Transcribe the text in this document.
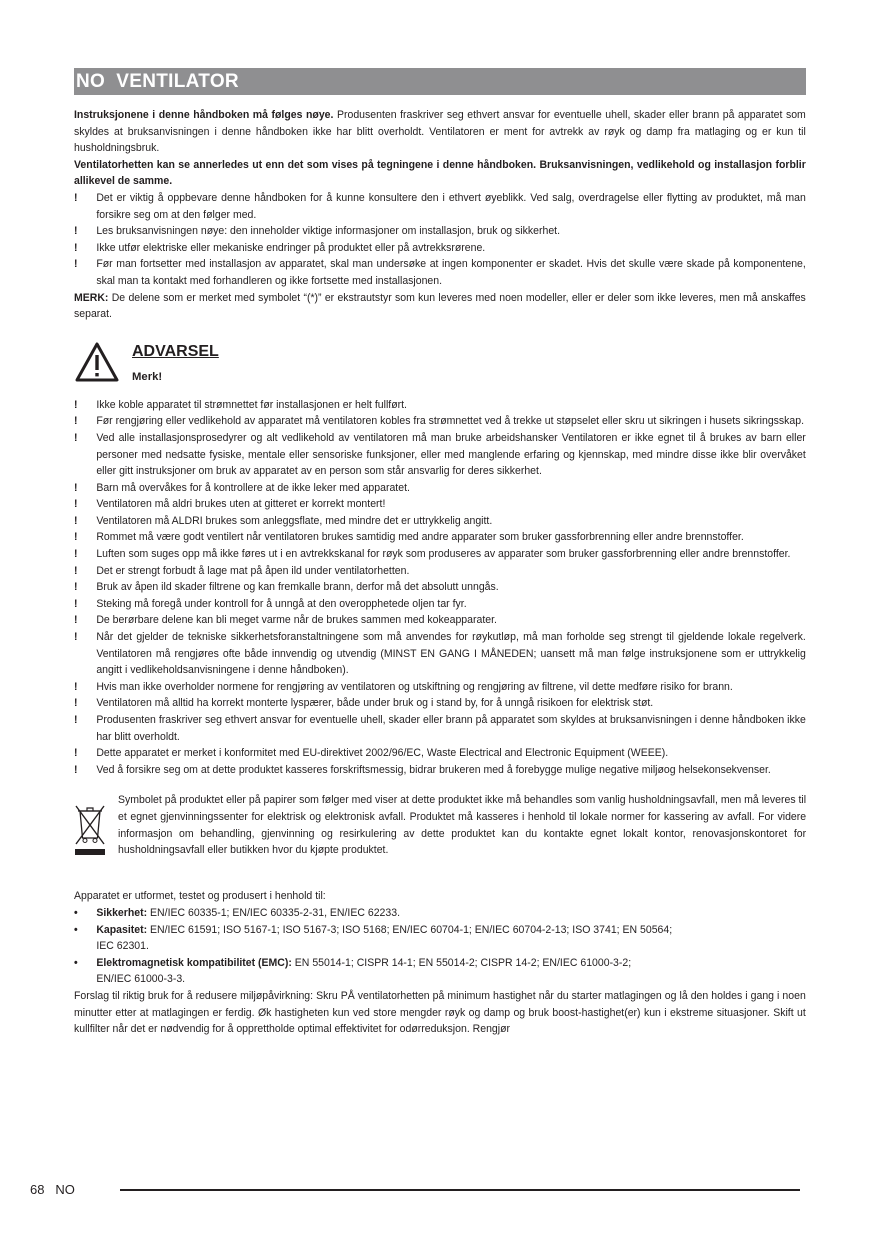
NO VENTILATOR

Instruksjonene i denne håndboken må følges nøye. Produsenten fraskriver seg ethvert ansvar for eventuelle uhell, skader eller brann på apparatet som skyldes at bruksanvisningen i denne håndboken ikke har blitt overholdt. Ventilatoren er ment for avtrekk av røyk og damp fra matlaging og er kun til husholdningsbruk.

Ventilatorhetten kan se annerledes ut enn det som vises på tegningene i denne håndboken. Bruksanvisningen, vedlikehold og installasjon forblir allikevel de samme.

! Det er viktig å oppbevare denne håndboken for å kunne konsultere den i ethvert øyeblikk. Ved salg, overdragelse eller flytting av produktet, må man forsikre seg om at den følger med.
! Les bruksanvisningen nøye: den inneholder viktige informasjoner om installasjon, bruk og sikkerhet.
! Ikke utfør elektriske eller mekaniske endringer på produktet eller på avtrekksrørene.
! Før man fortsetter med installasjon av apparatet, skal man undersøke at ingen komponenter er skadet. Hvis det skulle være skade på komponentene, skal man ta kontakt med forhandleren og ikke fortsette med installasjonen.

MERK: De delene som er merket med symbolet “(*)” er ekstrautstyr som kun leveres med noen modeller, eller er deler som ikke leveres, men må anskaffes separat.

ADVARSEL
Merk!
! Ikke koble apparatet til strømnettet før installasjonen er helt fullført.
! Før rengjøring eller vedlikehold av apparatet må ventilatoren kobles fra strømnettet ved å trekke ut støpselet eller skru ut sikringen i husets sikringsskap.
! Ved alle installasjonsprosedyrer og alt vedlikehold av ventilatoren må man bruke arbeidshansker Ventilatoren er ikke egnet til å brukes av barn eller personer med nedsatte fysiske, mentale eller sensoriske funksjoner, eller med manglende erfaring og kjennskap, med mindre disse ikke blir overvåket eller gitt instruksjoner om bruk av apparatet av en person som står ansvarlig for deres sikkerhet.
! Barn må overvåkes for å kontrollere at de ikke leker med apparatet.
! Ventilatoren må aldri brukes uten at gitteret er korrekt montert!
! Ventilatoren må ALDRI brukes som anleggsflate, med mindre det er uttrykkelig angitt.
! Rommet må være godt ventilert når ventilatoren brukes samtidig med andre apparater som bruker gassforbrenning eller andre brennstoffer.
! Luften som suges opp må ikke føres ut i en avtrekkskanal for røyk som produseres av apparater som bruker gassforbrenning eller andre brennstoffer.
! Det er strengt forbudt å lage mat på åpen ild under ventilatorhetten.
! Bruk av åpen ild skader filtrene og kan fremkalle brann, derfor må det absolutt unngås.
! Steking må foregå under kontroll for å unngå at den overopphetede oljen tar fyr.
! De berørbare delene kan bli meget varme når de brukes sammen med kokeapparater.
! Når det gjelder de tekniske sikkerhetsforanstaltningene som må anvendes for røykutløp, må man forholde seg strengt til gjeldende lokale regelverk. Ventilatoren må rengjøres ofte både innvendig og utvendig (MINST EN GANG I MÅNEDEN; uansett må man følge instruksjonene som er uttrykkelig angitt i vedlikeholdsanvisningene i denne håndboken).
! Hvis man ikke overholder normene for rengjøring av ventilatoren og utskiftning og rengjøring av filtrene, vil dette medføre risiko for brann.
! Ventilatoren må alltid ha korrekt monterte lyspærer, både under bruk og i stand by, for å unngå risikoen for elektrisk støt.
! Produsenten fraskriver seg ethvert ansvar for eventuelle uhell, skader eller brann på apparatet som skyldes at bruksanvisningen i denne håndboken ikke har blitt overholdt.
! Dette apparatet er merket i konformitet med EU-direktivet 2002/96/EC, Waste Electrical and Electronic Equipment (WEEE).
! Ved å forsikre seg om at dette produktet kasseres forskriftsmessig, bidrar brukeren med å forebygge mulige negative miljøog helsekonsekvenser.

Symbolet på produktet eller på papirer som følger med viser at dette produktet ikke må behandles som vanlig husholdningsavfall, men må leveres til et egnet gjenvinningssenter for elektrisk og elektronisk avfall. Produktet må kasseres i henhold til lokale normer for kassering av avfall. For videre informasjon om behandling, gjenvinning og resirkulering av dette produktet kan du kontakte egnet lokalt kontor, renovasjonskontoret for husholdningsavfall eller butikken hvor du kjøpte produktet.

Apparatet er utformet, testet og produsert i henhold til:

• Sikkerhet: EN/IEC 60335-1; EN/IEC 60335-2-31, EN/IEC 62233.
• Kapasitet: EN/IEC 61591; ISO 5167-1; ISO 5167-3; ISO 5168; EN/IEC 60704-1; EN/IEC 60704-2-13; ISO 3741; EN 50564;
IEC 62301.
• Elektromagnetisk kompatibilitet (EMC): EN 55014-1; CISPR 14-1; EN 55014-2; CISPR 14-2; EN/IEC 61000-3-2;
EN/IEC 61000-3-3.

Forslag til riktig bruk for å redusere miljøpåvirkning: Skru PÅ ventilatorhetten på minimum hastighet når du starter matlagingen og lå den holdes i gang i noen minutter etter at matlagingen er ferdig. Øk hastigheten kun ved store mengder røyk og damp og bruk boost-hastighet(er) kun i ekstreme situasjoner. Skift ut kullfilter når det er nødvendig for å opprettholde optimal effektivitet for odørreduksjon. Rengjør

68 NO
